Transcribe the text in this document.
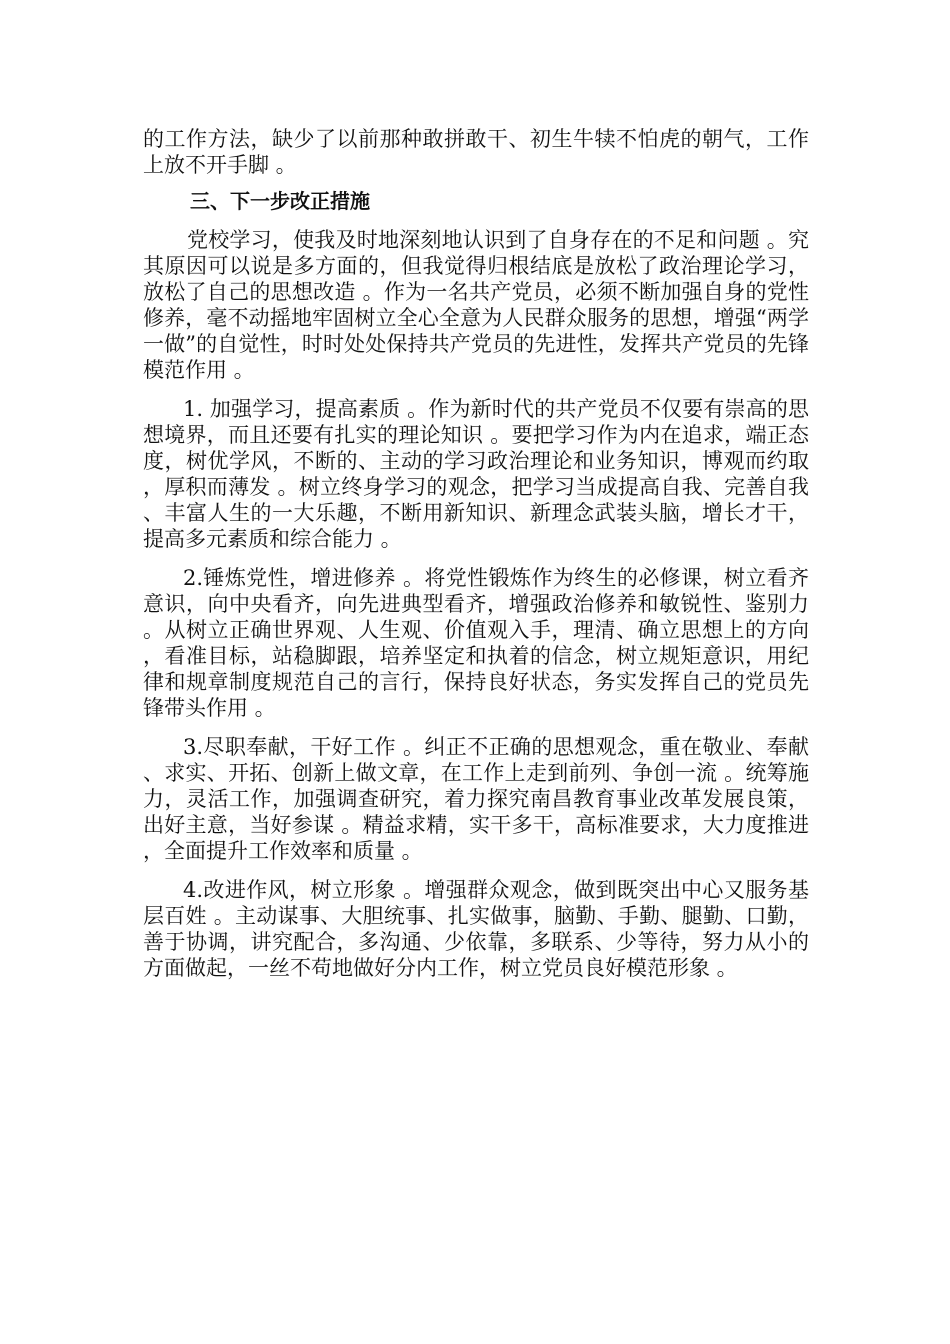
的工作方法，缺少了以前那种敢拼敢干、初生牛犊不怕虎的朝气，工作上放不开手脚 。

三、下一步改正措施

党校学习，使我及时地深刻地认识到了自身存在的不足和问题 。究其原因可以说是多方面的，但我觉得归根结底是放松了政治理论学习，放松了自己的思想改造 。作为一名共产党员，必须不断加强自身的党性修养，毫不动摇地牢固树立全心全意为人民群众服务的思想，增强“两学一做”的自觉性，时时处处保持共产党员的先进性，发挥共产党员的先锋模范作用 。

1. 加强学习，提高素质 。作为新时代的共产党员不仅要有崇高的思想境界，而且还要有扎实的理论知识 。要把学习作为内在追求，端正态度，树优学风，不断的、主动的学习政治理论和业务知识，博观而约取，厚积而薄发 。树立终身学习的观念，把学习当成提高自我、完善自我、丰富人生的一大乐趣，不断用新知识、新理念武装头脑，增长才干，提高多元素质和综合能力 。

2.锤炼党性，增进修养 。将党性锻炼作为终生的必修课，树立看齐意识，向中央看齐，向先进典型看齐，增强政治修养和敏锐性、鉴别力 。从树立正确世界观、人生观、价值观入手，理清、确立思想上的方向，看准目标，站稳脚跟，培养坚定和执着的信念，树立规矩意识，用纪律和规章制度规范自己的言行，保持良好状态，务实发挥自己的党员先锋带头作用 。

3.尽职奉献，干好工作 。纠正不正确的思想观念，重在敬业、奉献、求实、开拓、创新上做文章，在工作上走到前列、争创一流 。统筹施力，灵活工作，加强调查研究，着力探究南昌教育事业改革发展良策，出好主意，当好参谋 。精益求精，实干多干，高标准要求，大力度推进，全面提升工作效率和质量 。

4.改进作风，树立形象 。增强群众观念，做到既突出中心又服务基层百姓 。主动谋事、大胆统事、扎实做事，脑勤、手勤、腿勤、口勤，善于协调，讲究配合，多沟通、少依靠，多联系、少等待，努力从小的方面做起，一丝不苟地做好分内工作，树立党员良好模范形象 。
